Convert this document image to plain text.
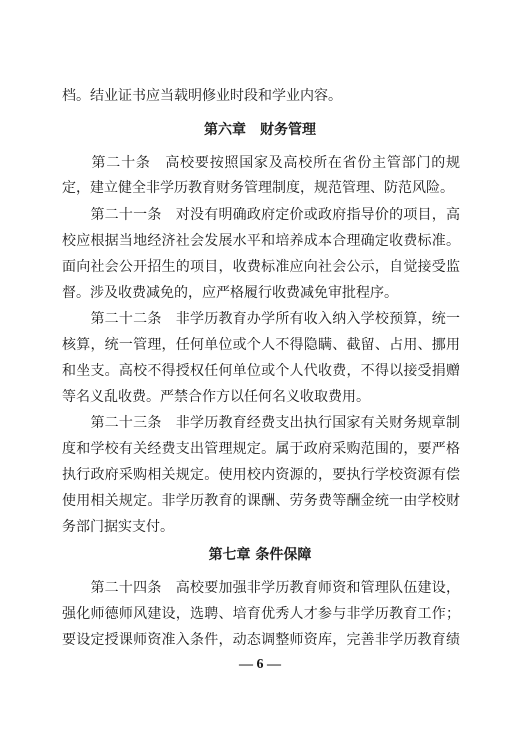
档。结业证书应当载明修业时段和学业内容。
第六章　财务管理
　　第二十条　高校要按照国家及高校所在省份主管部门的规
定，建立健全非学历教育财务管理制度，规范管理、防范风险。
　　第二十一条　对没有明确政府定价或政府指导价的项目，高
校应根据当地经济社会发展水平和培养成本合理确定收费标准。
面向社会公开招生的项目，收费标准应向社会公示，自觉接受监
督。涉及收费减免的，应严格履行收费减免审批程序。
　　第二十二条　非学历教育办学所有收入纳入学校预算，统一
核算，统一管理，任何单位或个人不得隐瞒、截留、占用、挪用
和坐支。高校不得授权任何单位或个人代收费，不得以接受捐赠
等名义乱收费。严禁合作方以任何名义收取费用。
　　第二十三条　非学历教育经费支出执行国家有关财务规章制
度和学校有关经费支出管理规定。属于政府采购范围的，要严格
执行政府采购相关规定。使用校内资源的，要执行学校资源有偿
使用相关规定。非学历教育的课酬、劳务费等酬金统一由学校财
务部门据实支付。
第七章 条件保障
　　第二十四条　高校要加强非学历教育师资和管理队伍建设，
强化师德师风建设，选聘、培育优秀人才参与非学历教育工作；
要设定授课师资准入条件，动态调整师资库，完善非学历教育绩
— 6 —
